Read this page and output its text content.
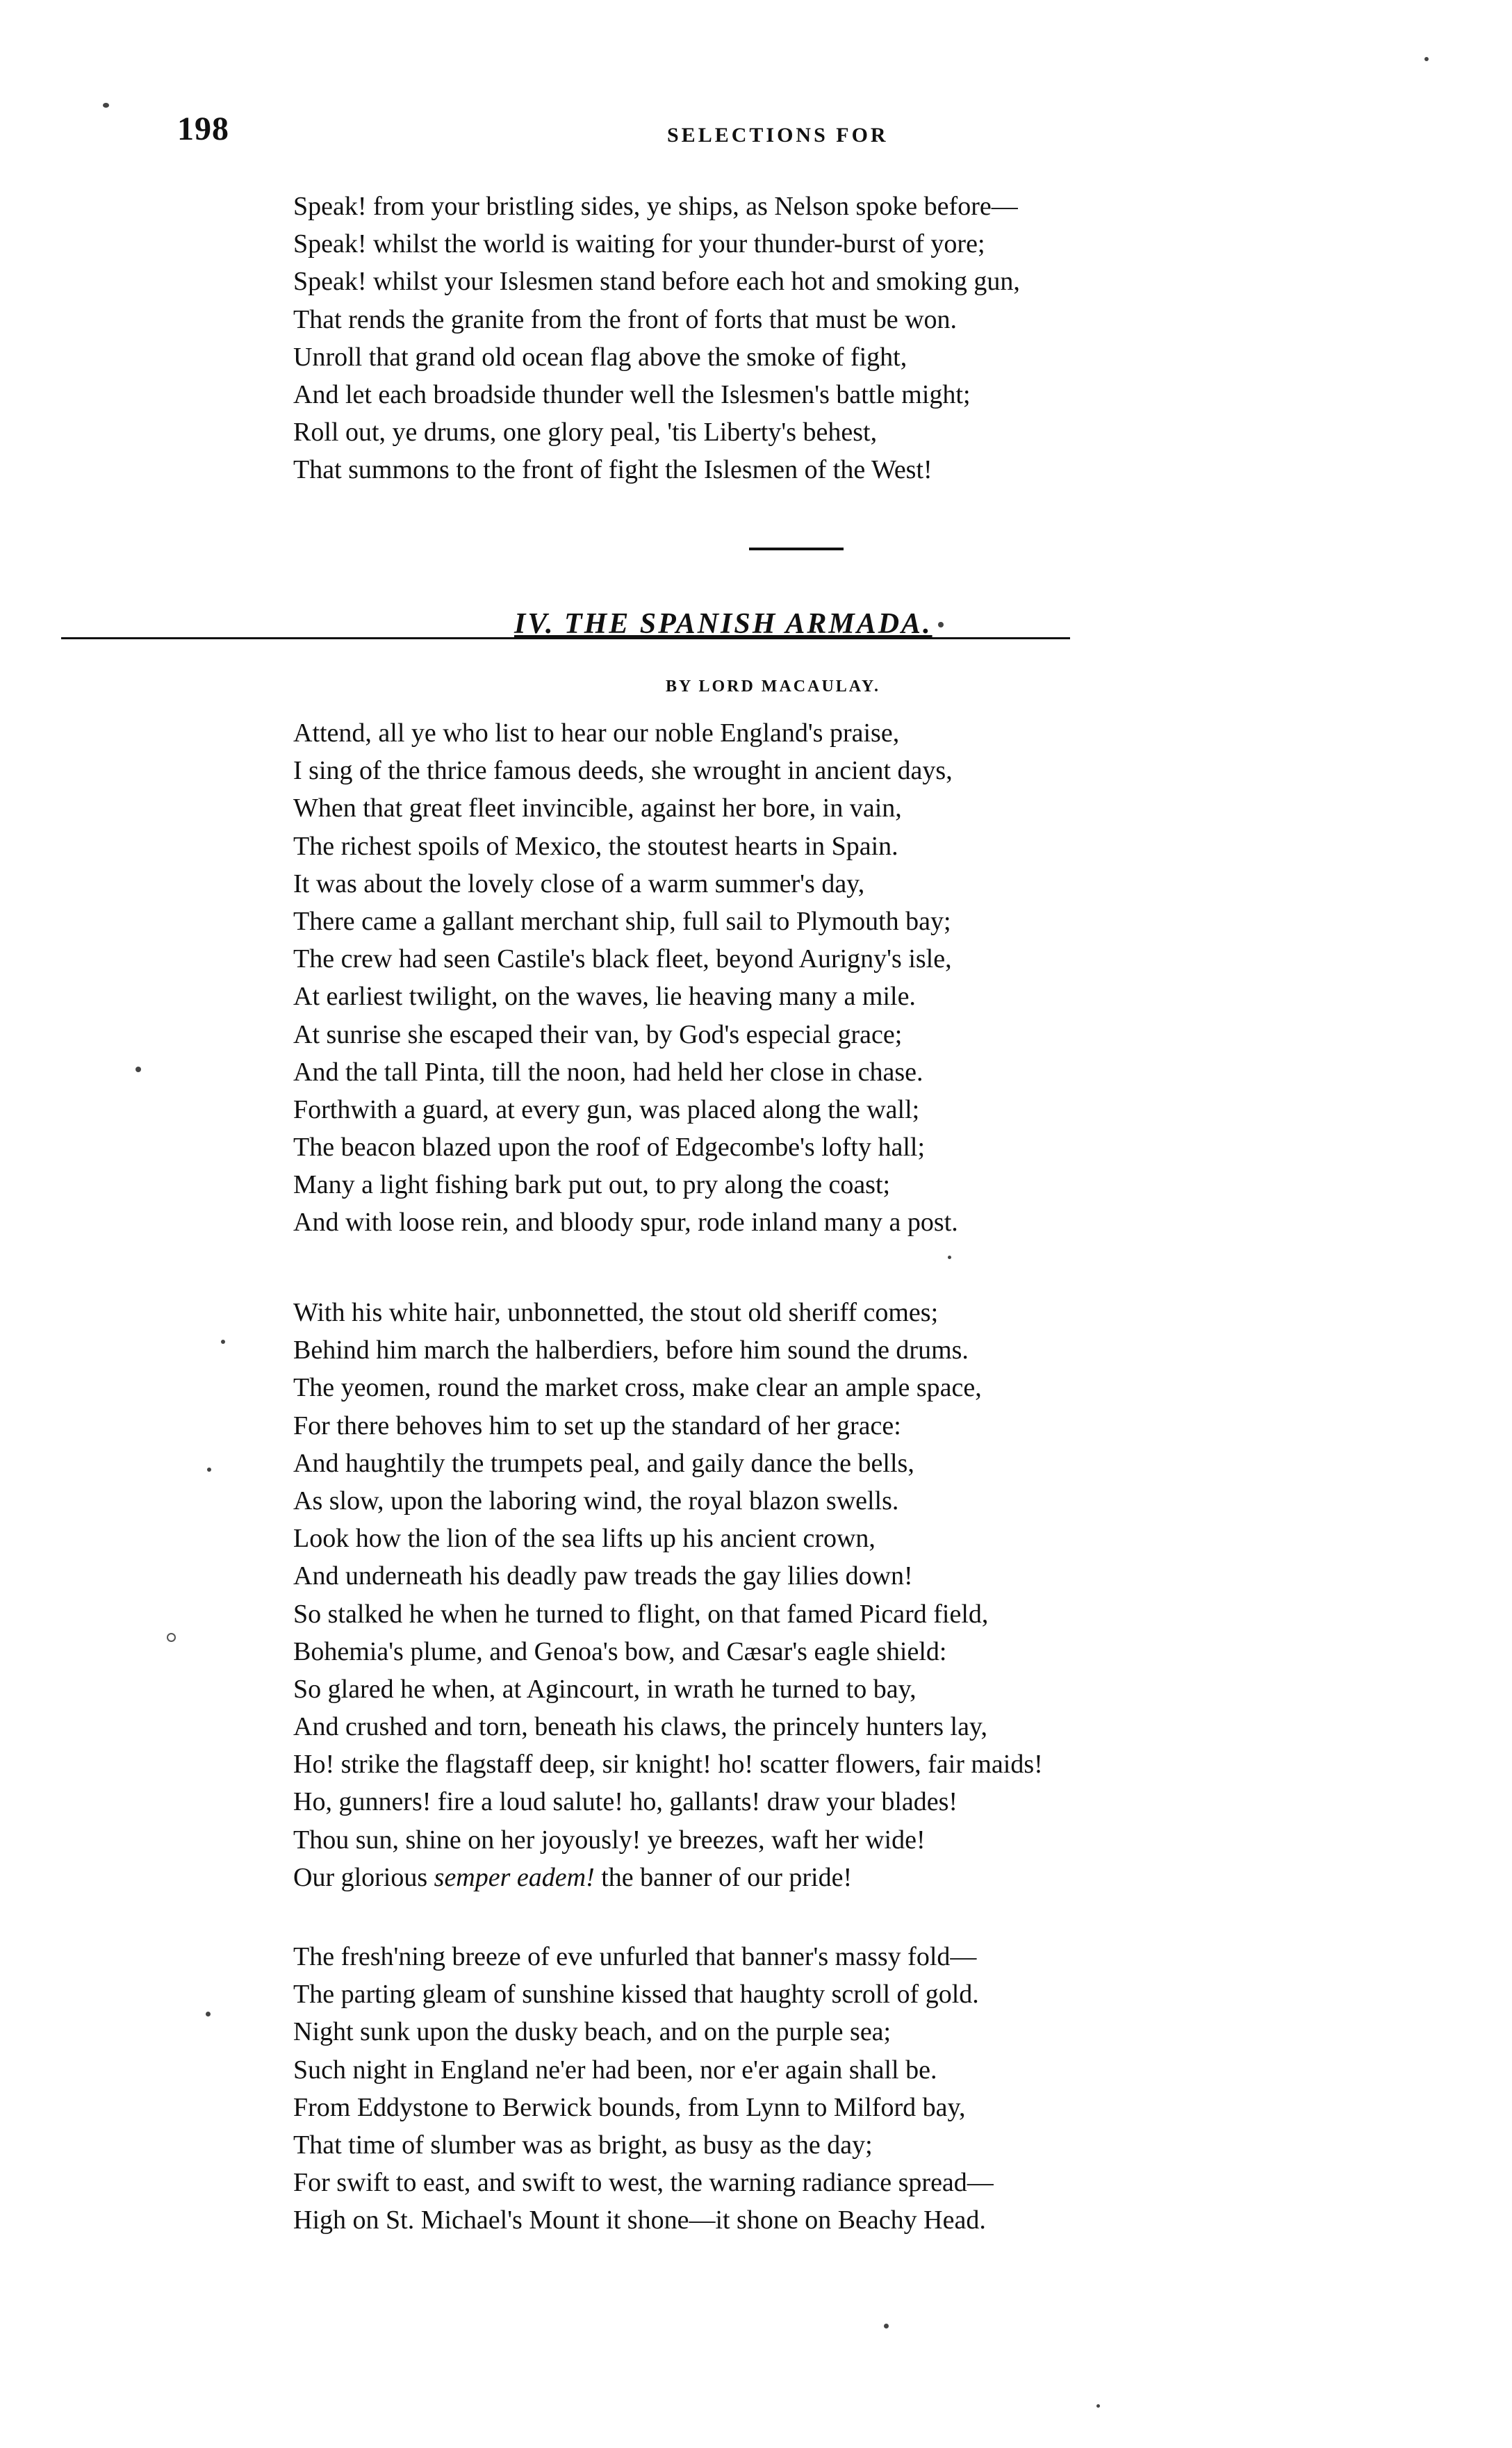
198	SELECTIONS FOR
Speak! from your bristling sides, ye ships, as Nelson spoke before—
Speak! whilst the world is waiting for your thunder-burst of yore;
Speak! whilst your Islesmen stand before each hot and smoking gun,
That rends the granite from the front of forts that must be won.
Unroll that grand old ocean flag above the smoke of fight,
And let each broadside thunder well the Islesmen's battle might;
Roll out, ye drums, one glory peal, 'tis Liberty's behest,
That summons to the front of fight the Islesmen of the West!
IV. THE SPANISH ARMADA.
BY LORD MACAULAY.
Attend, all ye who list to hear our noble England's praise,
I sing of the thrice famous deeds, she wrought in ancient days,
When that great fleet invincible, against her bore, in vain,
The richest spoils of Mexico, the stoutest hearts in Spain.
It was about the lovely close of a warm summer's day,
There came a gallant merchant ship, full sail to Plymouth bay;
The crew had seen Castile's black fleet, beyond Aurigny's isle,
At earliest twilight, on the waves, lie heaving many a mile.
At sunrise she escaped their van, by God's especial grace;
And the tall Pinta, till the noon, had held her close in chase.
Forthwith a guard, at every gun, was placed along the wall;
The beacon blazed upon the roof of Edgecombe's lofty hall;
Many a light fishing bark put out, to pry along the coast;
And with loose rein, and bloody spur, rode inland many a post.
With his white hair, unbonnetted, the stout old sheriff comes;
Behind him march the halberdiers, before him sound the drums.
The yeomen, round the market cross, make clear an ample space,
For there behoves him to set up the standard of her grace:
And haughtily the trumpets peal, and gaily dance the bells,
As slow, upon the laboring wind, the royal blazon swells.
Look how the lion of the sea lifts up his ancient crown,
And underneath his deadly paw treads the gay lilies down!
So stalked he when he turned to flight, on that famed Picard field,
Bohemia's plume, and Genoa's bow, and Cæsar's eagle shield:
So glared he when, at Agincourt, in wrath he turned to bay,
And crushed and torn, beneath his claws, the princely hunters lay,
Ho! strike the flagstaff deep, sir knight! ho! scatter flowers, fair maids!
Ho, gunners! fire a loud salute! ho, gallants! draw your blades!
Thou sun, shine on her joyously! ye breezes, waft her wide!
Our glorious semper eadem! the banner of our pride!
The fresh'ning breeze of eve unfurled that banner's massy fold—
The parting gleam of sunshine kissed that haughty scroll of gold.
Night sunk upon the dusky beach, and on the purple sea;
Such night in England ne'er had been, nor e'er again shall be.
From Eddystone to Berwick bounds, from Lynn to Milford bay,
That time of slumber was as bright, as busy as the day;
For swift to east, and swift to west, the warning radiance spread—
High on St. Michael's Mount it shone—it shone on Beachy Head.
